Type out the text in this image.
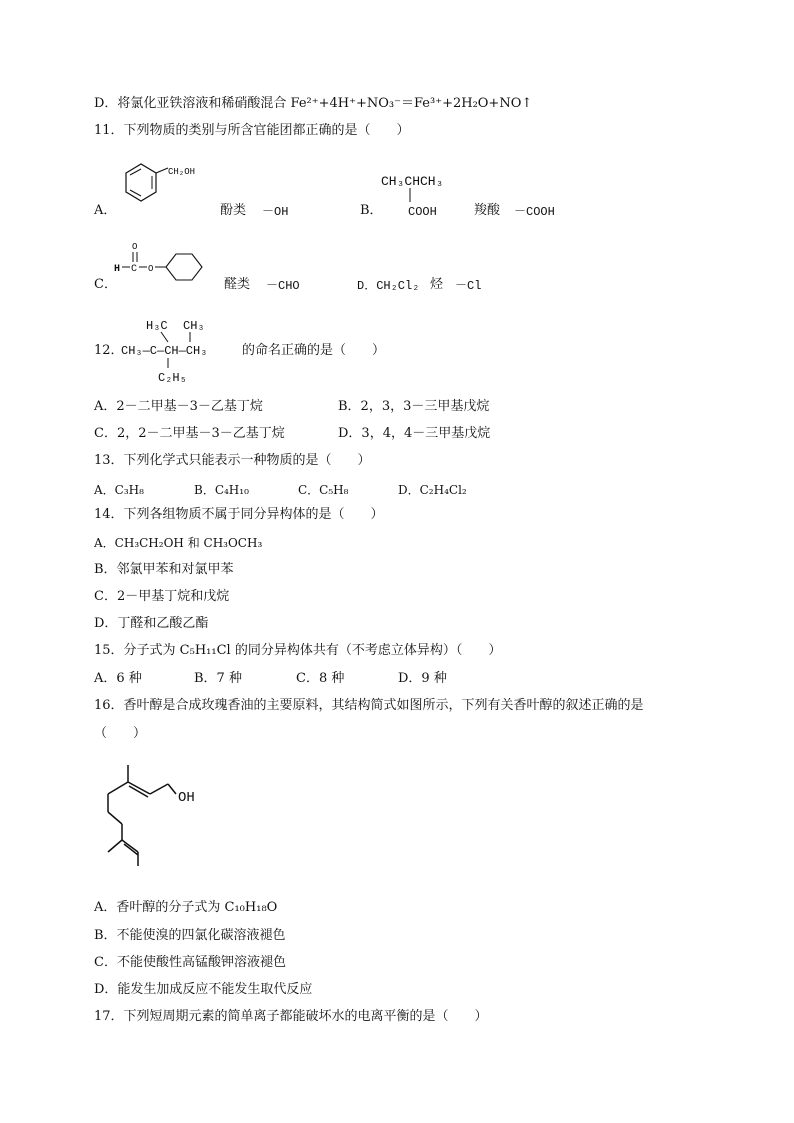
D．将氯化亚铁溶液和稀硝酸混合 Fe²⁺+4H⁺+NO₃⁻＝Fe³⁺+2H₂O+NO↑
11．下列物质的类别与所含官能团都正确的是（　　）
A．
CH₂OH
酚类 －OH	B．
CH₃CHCH₃
COOH	羧酸 －COOH
C．
O
H C O
醛类 －CHO	D．CH₂Cl₂ 烃 －Cl
12．
H₃C CH₃
CH₃—C—CH—CH₃	的命名正确的是（　　）
C₂H₅
A．2－二甲基－3－乙基丁烷	B．2，3，3－三甲基戊烷
C．2，2－二甲基－3－乙基丁烷	D．3，4，4－三甲基戊烷
13．下列化学式只能表示一种物质的是（　　）
A．C₃H₈	B．C₄H₁₀	C．C₅H₈	D．C₂H₄Cl₂
14．下列各组物质不属于同分异构体的是（　　）
A．CH₃CH₂OH 和 CH₃OCH₃
B．邻氯甲苯和对氯甲苯
C．2－甲基丁烷和戊烷
D．丁醛和乙酸乙酯
15．分子式为 C₅H₁₁Cl 的同分异构体共有（不考虑立体异构）（　　）
A．6 种	B．7 种	C．8 种	D．9 种
16．香叶醇是合成玫瑰香油的主要原料，其结构简式如图所示，下列有关香叶醇的叙述正确的是
（　　）
OH
A．香叶醇的分子式为 C₁₀H₁₈O
B．不能使溴的四氯化碳溶液褪色
C．不能使酸性高锰酸钾溶液褪色
D．能发生加成反应不能发生取代反应
17．下列短周期元素的简单离子都能破坏水的电离平衡的是（　　）
